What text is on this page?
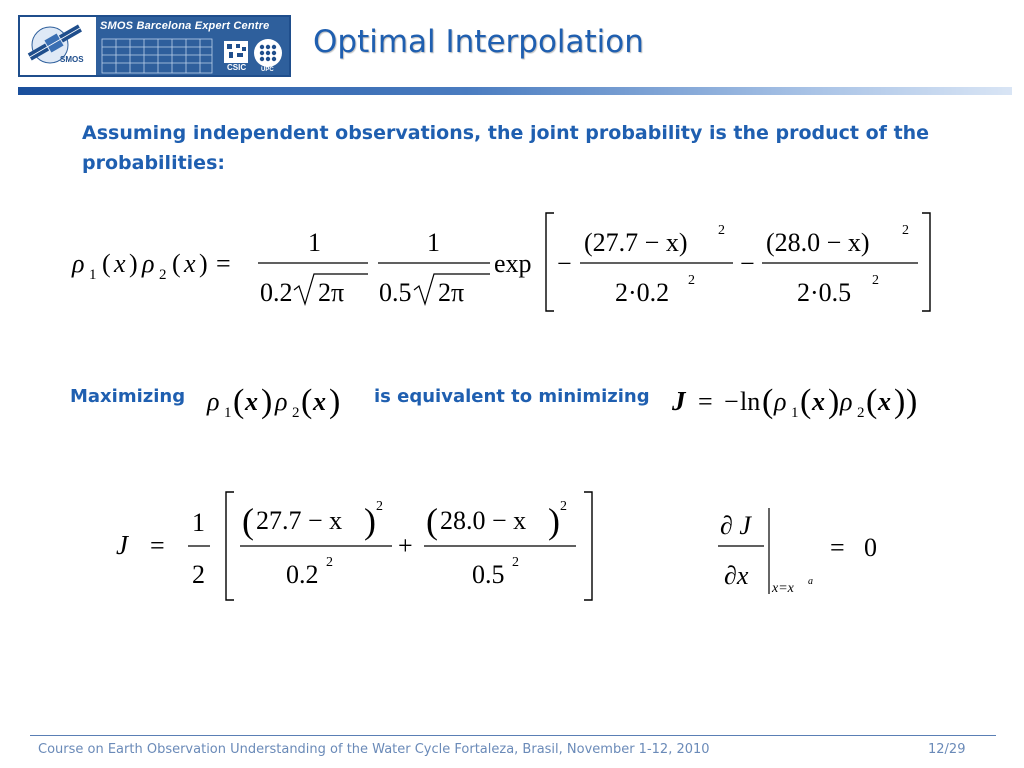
SMOS
SMOS Barcelona Expert Centre
CSIC UPC
Optimal Interpolation
Assuming independent observations, the joint probability is the product of the probabilities:
ρ 1 ( x ) ρ 2 ( x ) =
1
0.2 2π
1
0.5 2π
exp −
(27.7 − x) 2
2·0.2 2
−
(28.0 − x) 2
2·0.5 2
Maximizing ρ 1 ( x ) ρ 2 ( x ) is equivalent to minimizing J = − ln ( ρ 1 ( x ) ρ 2 ( x ) )
J =
1
2
( 27.7 − x ) 2
0.2 2
+
( 28.0 − x ) 2
0.5 2
∂ J
∂x x=x a
= 0
Course on Earth Observation Understanding of the Water Cycle Fortaleza, Brasil, November 1-12, 2010	12/29
